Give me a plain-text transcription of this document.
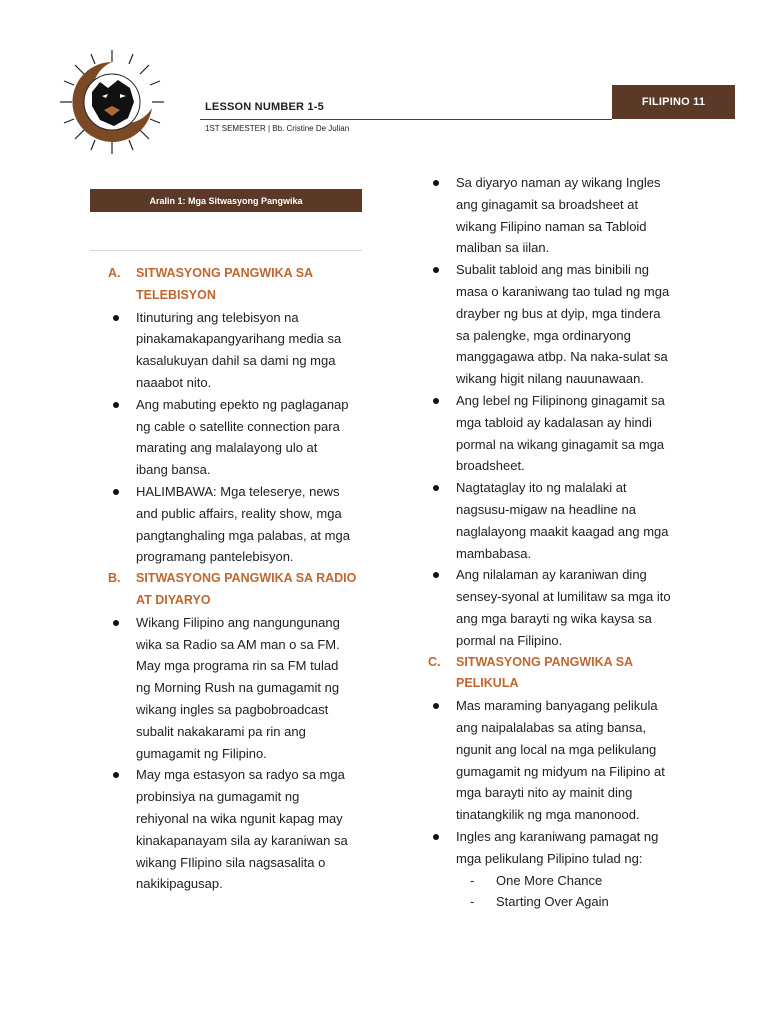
LESSON NUMBER 1-5
1ST SEMESTER | Bb. Cristine De Julian
FILIPINO 11
Aralin 1: Mga Sitwasyong Pangwika
A.	SITWASYONG PANGWIKA SA
TELEBISYON
Itinuturing ang telebisyon na
pinakamakapangyarihang media sa
kasalukuyan dahil sa dami ng mga
naaabot nito.
Ang mabuting epekto ng paglaganap
ng cable o satellite connection para
marating ang malalayong ulo at
ibang bansa.
HALIMBAWA: Mga teleserye, news
and public affairs, reality show, mga
pangtanghaling mga palabas, at mga
programang pantelebisyon.
B.	SITWASYONG PANGWIKA SA RADIO
AT DIYARYO
Wikang Filipino ang nangungunang
wika sa Radio sa AM man o sa FM.
May mga programa rin sa FM tulad
ng Morning Rush na gumagamit ng
wikang ingles sa pagbobroadcast
subalit nakakarami pa rin ang
gumagamit ng Filipino.
May mga estasyon sa radyo sa mga
probinsiya na gumagamit ng
rehiyonal na wika ngunit kapag may
kinakapanayam sila ay karaniwan sa
wikang FIlipino sila nagsasalita o
nakikipagusap.
Sa diyaryo naman ay wikang Ingles
ang ginagamit sa broadsheet at
wikang Filipino naman sa Tabloid
maliban sa iilan.
Subalit tabloid ang mas binibili ng
masa o karaniwang tao tulad ng mga
drayber ng bus at dyip, mga tindera
sa palengke, mga ordinaryong
manggagawa atbp. Na naka-sulat sa
wikang higit nilang nauunawaan.
Ang lebel ng Filipinong ginagamit sa
mga tabloid ay kadalasan ay hindi
pormal na wikang ginagamit sa mga
broadsheet.
Nagtataglay ito ng malalaki at
nagsusu-migaw na headline na
naglalayong maakit kaagad ang mga
mambabasa.
Ang nilalaman ay karaniwan ding
sensey-syonal at lumilitaw sa mga ito
ang mga barayti ng wika kaysa sa
pormal na Filipino.
C.	SITWASYONG PANGWIKA SA
PELIKULA
Mas maraming banyagang pelikula
ang naipalalabas sa ating bansa,
ngunit ang local na mga pelikulang
gumagamit ng midyum na Filipino at
mga barayti nito ay mainit ding
tinatangkilik ng mga manonood.
Ingles ang karaniwang pamagat ng
mga pelikulang Pilipino tulad ng:
-	One More Chance
-	Starting Over Again
